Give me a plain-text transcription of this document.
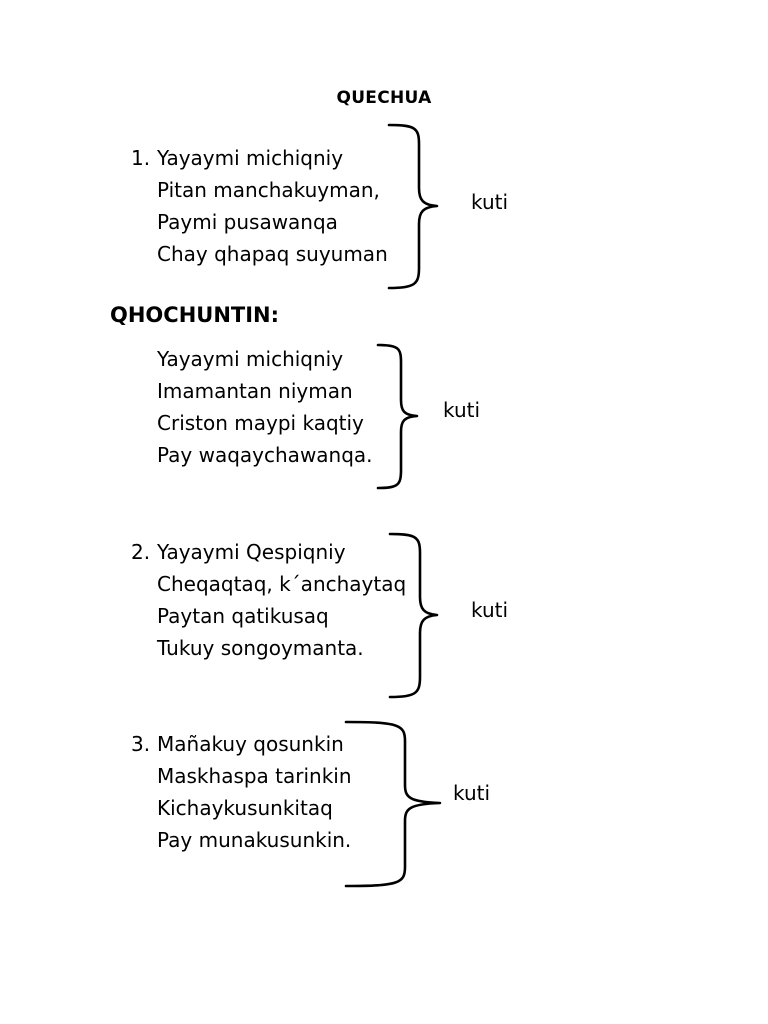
QUECHUA
1. Yayaymi michiqniy
Pitan manchakuyman,
Paymi pusawanqa
Chay qhapaq suyuman
kuti
QHOCHUNTIN:
Yayaymi michiqniy
Imamantan niyman
Criston maypi kaqtiy
Pay waqaychawanqa.
kuti
2. Yayaymi Qespiqniy
Cheqaqtaq, k´anchaytaq
Paytan qatikusaq
Tukuy songoymanta.
kuti
3. Mañakuy qosunkin
Maskhaspa tarinkin
Kichaykusunkitaq
Pay munakusunkin.
kuti
